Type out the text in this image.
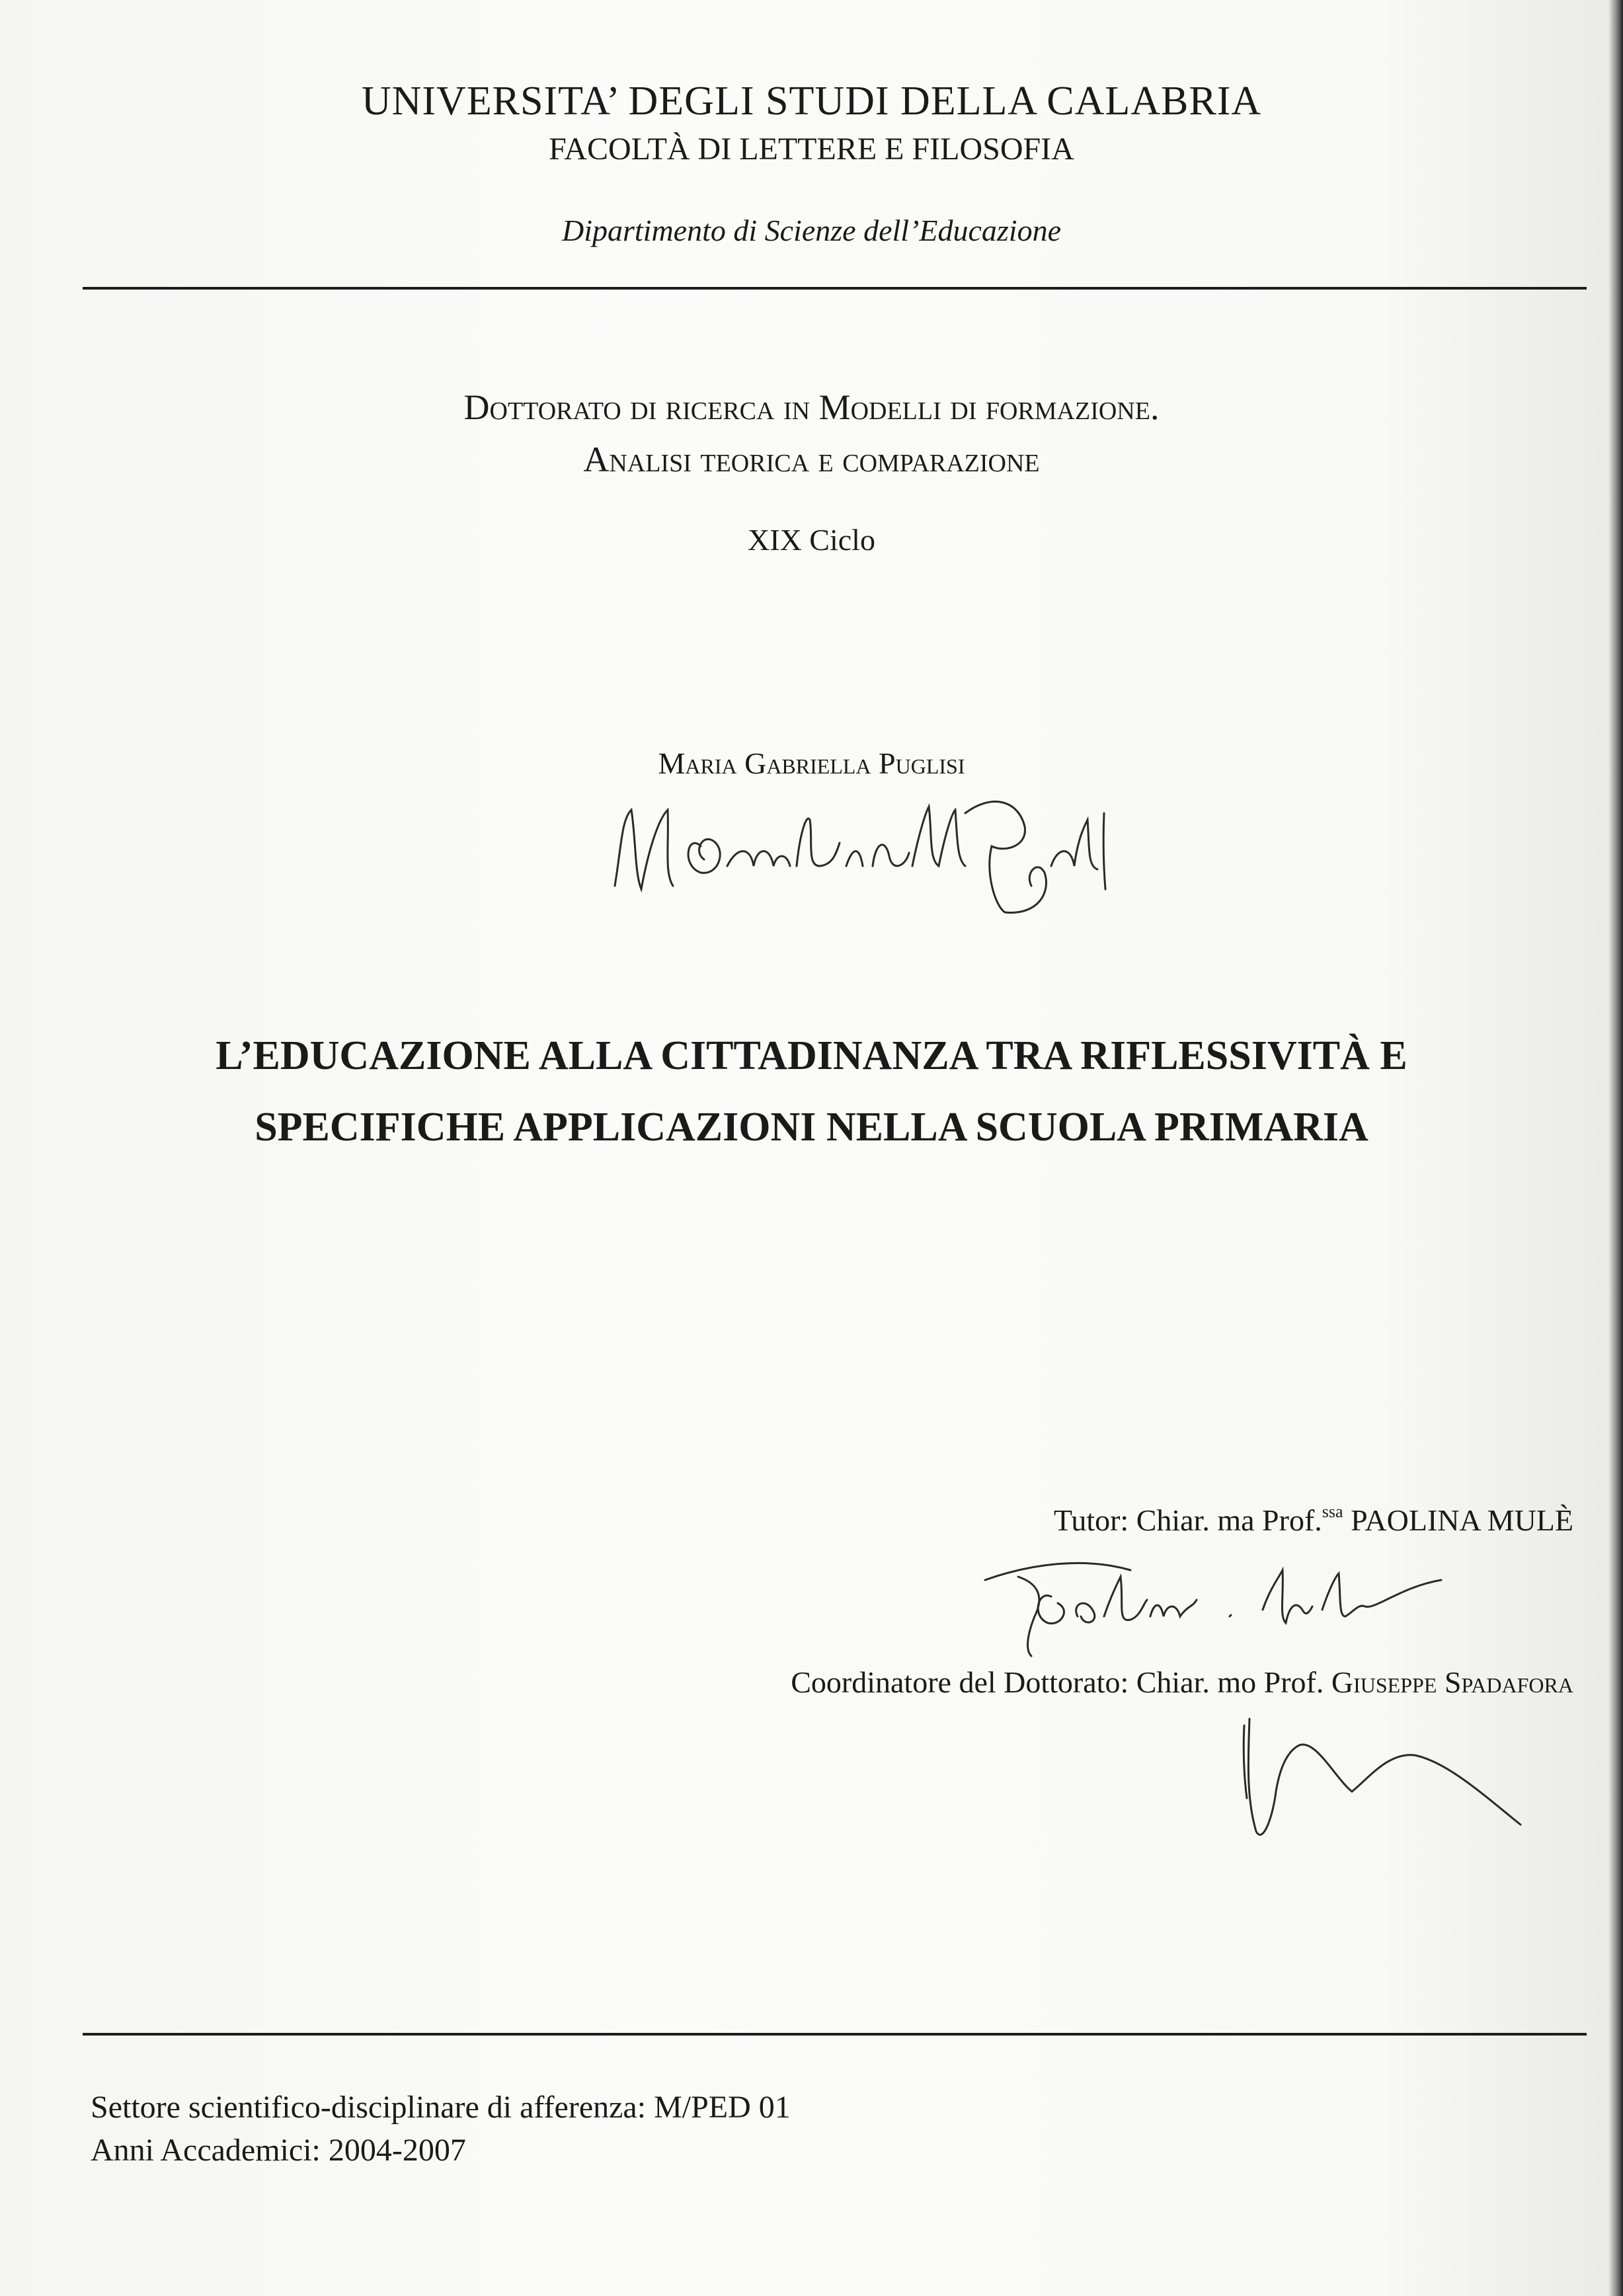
UNIVERSITA’ DEGLI STUDI DELLA CALABRIA
FACOLTÀ DI LETTERE E FILOSOFIA
Dipartimento di Scienze dell’Educazione
Dottorato di ricerca in Modelli di formazione.
Analisi teorica e comparazione
XIX Ciclo
Maria Gabriella Puglisi
L’EDUCAZIONE ALLA CITTADINANZA TRA RIFLESSIVITÀ E
SPECIFICHE APPLICAZIONI NELLA SCUOLA PRIMARIA
Tutor: Chiar. ma Prof.$^{ssa}$ PAOLINA MULÈ
Coordinatore del Dottorato: Chiar. mo Prof. Giuseppe Spadafora
Settore scientifico-disciplinare di afferenza: M/PED 01
Anni Accademici: 2004-2007
